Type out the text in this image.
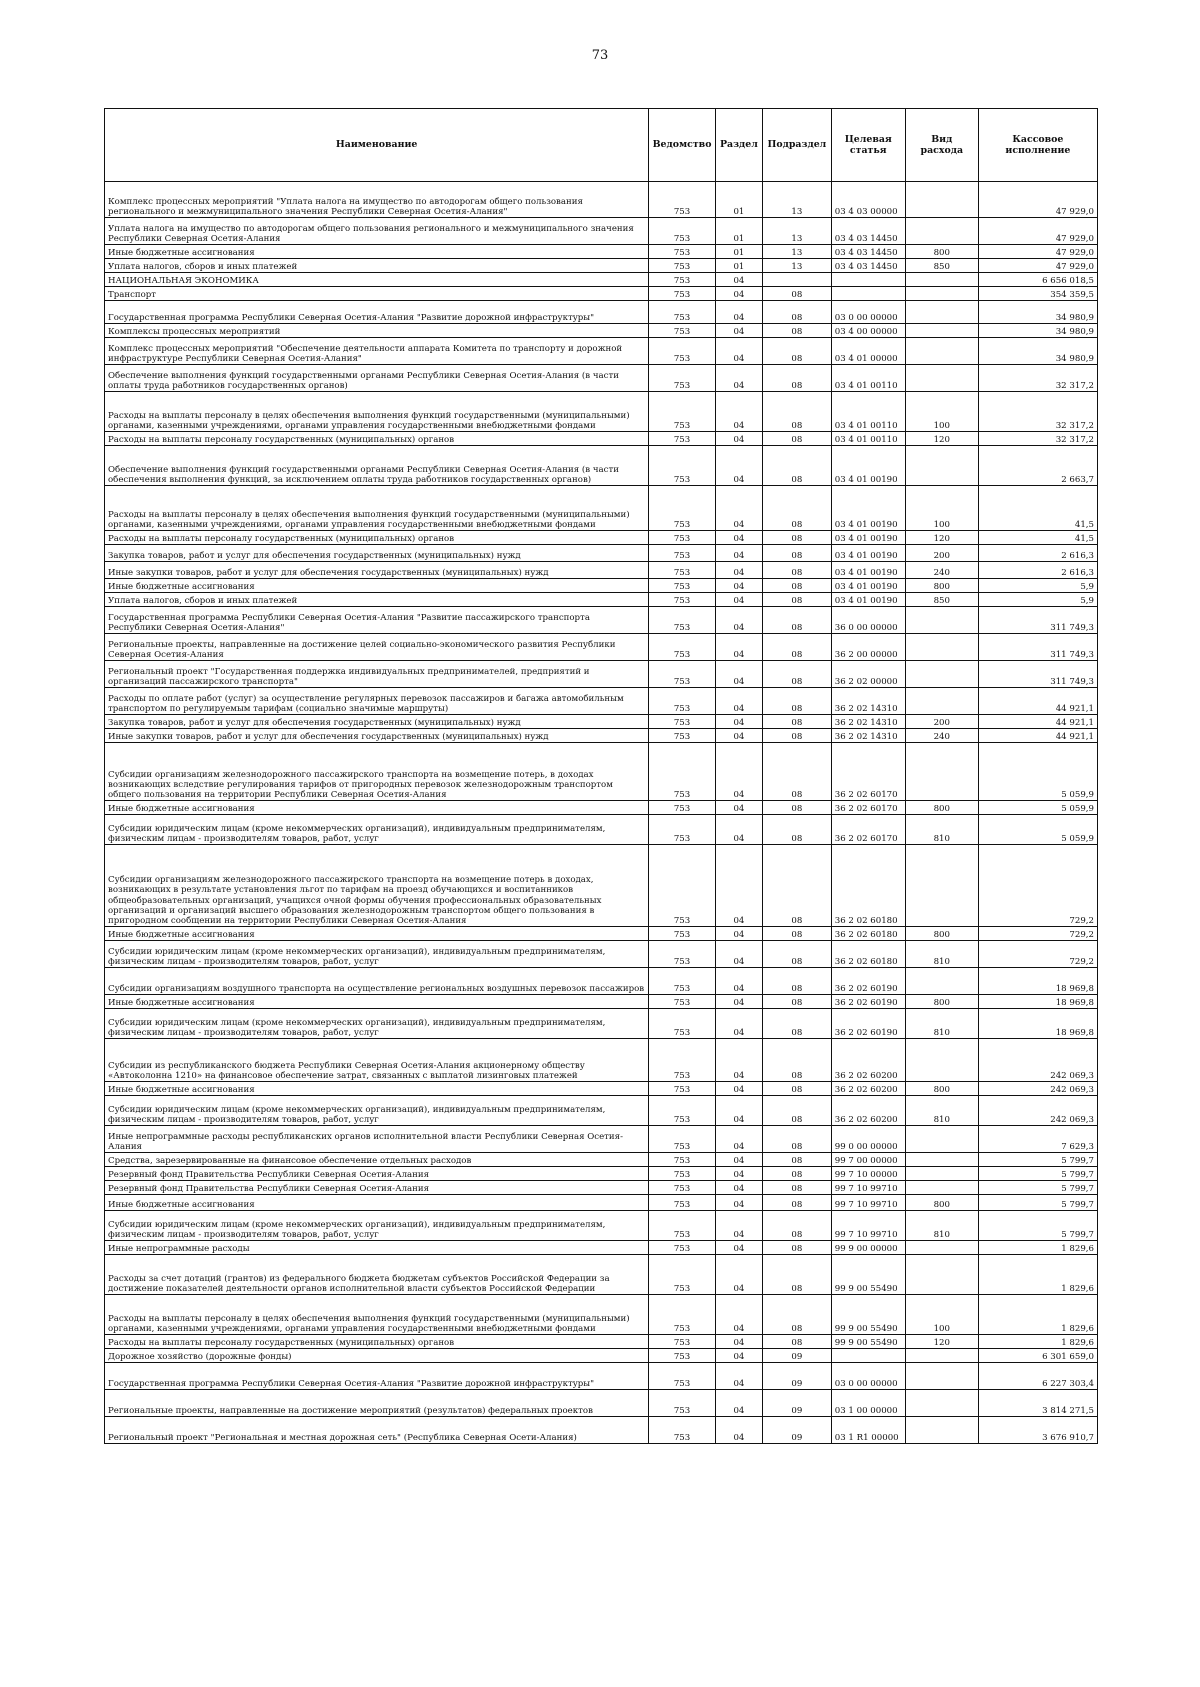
73
Наименование	Ведомство	Раздел	Подраздел	Целевая статья	Вид расхода	Кассовое исполнение
Комплекс процессных мероприятий "Уплата налога на имущество по автодорогам общего пользования регионального и межмуниципального значения Республики Северная Осетия-Алания"	753	01	13	03 4 03 00000		47 929,0
Уплата налога на имущество по автодорогам общего пользования регионального и межмуниципального значения Республики Северная Осетия-Алания	753	01	13	03 4 03 14450		47 929,0
Иные бюджетные ассигнования	753	01	13	03 4 03 14450	800	47 929,0
Уплата налогов, сборов и иных платежей	753	01	13	03 4 03 14450	850	47 929,0
НАЦИОНАЛЬНАЯ ЭКОНОМИКА	753	04				6 656 018,5
Транспорт	753	04	08			354 359,5
Государственная программа Республики Северная Осетия-Алания "Развитие дорожной инфраструктуры"	753	04	08	03 0 00 00000		34 980,9
Комплексы процессных мероприятий	753	04	08	03 4 00 00000		34 980,9
Комплекс процессных мероприятий "Обеспечение деятельности аппарата Комитета по транспорту и дорожной инфраструктуре Республики Северная Осетия-Алания"	753	04	08	03 4 01 00000		34 980,9
Обеспечение выполнения функций государственными органами Республики Северная Осетия-Алания (в части оплаты труда работников государственных органов)	753	04	08	03 4 01 00110		32 317,2
Расходы на выплаты персоналу в целях обеспечения выполнения функций государственными (муниципальными) органами, казенными учреждениями, органами управления государственными внебюджетными фондами	753	04	08	03 4 01 00110	100	32 317,2
Расходы на выплаты персоналу государственных (муниципальных) органов	753	04	08	03 4 01 00110	120	32 317,2
Обеспечение выполнения функций государственными органами Республики Северная Осетия-Алания (в части обеспечения выполнения функций, за исключением оплаты труда работников государственных органов)	753	04	08	03 4 01 00190		2 663,7
Расходы на выплаты персоналу в целях обеспечения выполнения функций государственными (муниципальными) органами, казенными учреждениями, органами управления государственными внебюджетными фондами	753	04	08	03 4 01 00190	100	41,5
Расходы на выплаты персоналу государственных (муниципальных) органов	753	04	08	03 4 01 00190	120	41,5
Закупка товаров, работ и услуг для обеспечения государственных (муниципальных) нужд	753	04	08	03 4 01 00190	200	2 616,3
Иные закупки товаров, работ и услуг для обеспечения государственных (муниципальных) нужд	753	04	08	03 4 01 00190	240	2 616,3
Иные бюджетные ассигнования	753	04	08	03 4 01 00190	800	5,9
Уплата налогов, сборов и иных платежей	753	04	08	03 4 01 00190	850	5,9
Государственная программа Республики Северная Осетия-Алания "Развитие пассажирского транспорта Республики Северная Осетия-Алания"	753	04	08	36 0 00 00000		311 749,3
Региональные проекты, направленные на достижение целей социально-экономического развития Республики Северная Осетия-Алания	753	04	08	36 2 00 00000		311 749,3
Региональный проект "Государственная поддержка индивидуальных предпринимателей, предприятий и организаций пассажирского транспорта"	753	04	08	36 2 02 00000		311 749,3
Расходы по оплате работ (услуг) за осуществление регулярных перевозок пассажиров и багажа автомобильным транспортом по регулируемым тарифам (социально значимые маршруты)	753	04	08	36 2 02 14310		44 921,1
Закупка товаров, работ и услуг для обеспечения государственных (муниципальных) нужд	753	04	08	36 2 02 14310	200	44 921,1
Иные закупки товаров, работ и услуг для обеспечения государственных (муниципальных) нужд	753	04	08	36 2 02 14310	240	44 921,1
Субсидии организациям железнодорожного пассажирского транспорта на возмещение потерь, в доходах возникающих вследствие регулирования тарифов от пригородных перевозок железнодорожным транспортом общего пользования на территории Республики Северная Осетия-Алания	753	04	08	36 2 02 60170		5 059,9
Иные бюджетные ассигнования	753	04	08	36 2 02 60170	800	5 059,9
Субсидии юридическим лицам (кроме некоммерческих организаций), индивидуальным предпринимателям, физическим лицам - производителям товаров, работ, услуг	753	04	08	36 2 02 60170	810	5 059,9
Субсидии организациям железнодорожного пассажирского транспорта на возмещение потерь в доходах, возникающих в результате установления льгот по тарифам на проезд обучающихся и воспитанников общеобразовательных организаций, учащихся очной формы обучения профессиональных образовательных организаций и организаций высшего образования железнодорожным транспортом общего пользования в пригородном сообщении на территории Республики Северная Осетия-Алания	753	04	08	36 2 02 60180		729,2
Иные бюджетные ассигнования	753	04	08	36 2 02 60180	800	729,2
Субсидии юридическим лицам (кроме некоммерческих организаций), индивидуальным предпринимателям, физическим лицам - производителям товаров, работ, услуг	753	04	08	36 2 02 60180	810	729,2
Субсидии организациям воздушного транспорта на осуществление региональных воздушных перевозок пассажиров	753	04	08	36 2 02 60190		18 969,8
Иные бюджетные ассигнования	753	04	08	36 2 02 60190	800	18 969,8
Субсидии юридическим лицам (кроме некоммерческих организаций), индивидуальным предпринимателям, физическим лицам - производителям товаров, работ, услуг	753	04	08	36 2 02 60190	810	18 969,8
Субсидии из республиканского бюджета Республики Северная Осетия-Алания акционерному обществу «Автоколонна 1210» на финансовое обеспечение затрат, связанных с выплатой лизинговых платежей	753	04	08	36 2 02 60200		242 069,3
Иные бюджетные ассигнования	753	04	08	36 2 02 60200	800	242 069,3
Субсидии юридическим лицам (кроме некоммерческих организаций), индивидуальным предпринимателям, физическим лицам - производителям товаров, работ, услуг	753	04	08	36 2 02 60200	810	242 069,3
Иные непрограммные расходы республиканских органов исполнительной власти Республики Северная Осетия-Алания	753	04	08	99 0 00 00000		7 629,3
Средства, зарезервированные на финансовое обеспечение отдельных расходов	753	04	08	99 7 00 00000		5 799,7
Резервный фонд Правительства Республики Северная Осетия-Алания	753	04	08	99 7 10 00000		5 799,7
Резервный фонд Правительства Республики Северная Осетия-Алания	753	04	08	99 7 10 99710		5 799,7
Иные бюджетные ассигнования	753	04	08	99 7 10 99710	800	5 799,7
Субсидии юридическим лицам (кроме некоммерческих организаций), индивидуальным предпринимателям, физическим лицам - производителям товаров, работ, услуг	753	04	08	99 7 10 99710	810	5 799,7
Иные непрограммные расходы	753	04	08	99 9 00 00000		1 829,6
Расходы за счет дотаций (грантов) из федерального бюджета бюджетам субъектов Российской Федерации за достижение показателей деятельности органов исполнительной власти субъектов Российской Федерации	753	04	08	99 9 00 55490		1 829,6
Расходы на выплаты персоналу в целях обеспечения выполнения функций государственными (муниципальными) органами, казенными учреждениями, органами управления государственными внебюджетными фондами	753	04	08	99 9 00 55490	100	1 829,6
Расходы на выплаты персоналу государственных (муниципальных) органов	753	04	08	99 9 00 55490	120	1 829,6
Дорожное хозяйство (дорожные фонды)	753	04	09			6 301 659,0
Государственная программа Республики Северная Осетия-Алания "Развитие дорожной инфраструктуры"	753	04	09	03 0 00 00000		6 227 303,4
Региональные проекты, направленные на достижение мероприятий (результатов) федеральных проектов	753	04	09	03 1 00 00000		3 814 271,5
Региональный проект "Региональная и местная дорожная сеть" (Республика Северная Осети-Алания)	753	04	09	03 1 R1 00000		3 676 910,7
